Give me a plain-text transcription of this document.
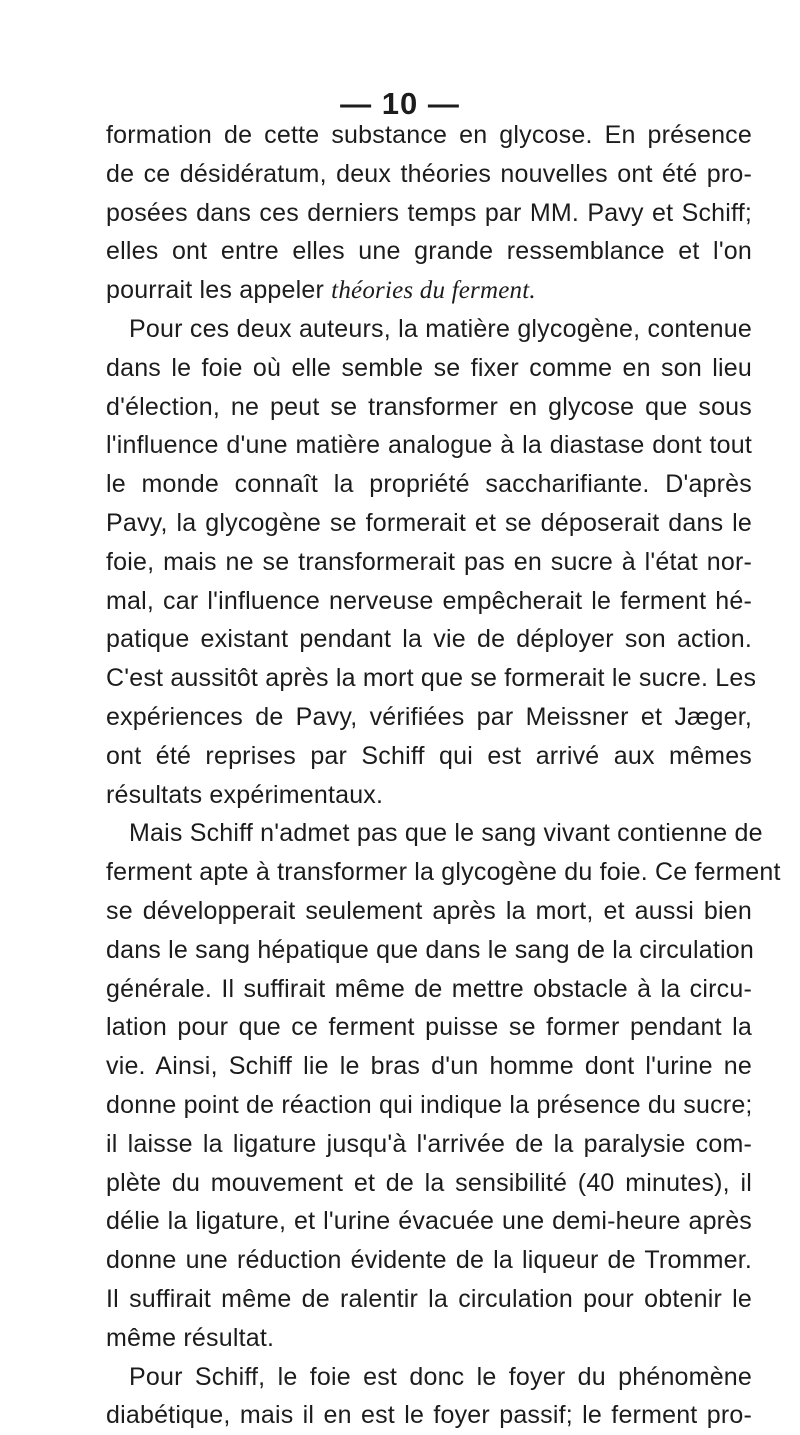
— 10 —
formation de cette substance en glycose. En présence
de ce désidératum, deux théories nouvelles ont été pro-
posées dans ces derniers temps par MM. Pavy et Schiff;
elles ont entre elles une grande ressemblance et l'on
pourrait les appeler théories du ferment.
Pour ces deux auteurs, la matière glycogène, contenue
dans le foie où elle semble se fixer comme en son lieu
d'élection, ne peut se transformer en glycose que sous
l'influence d'une matière analogue à la diastase dont tout
le monde connaît la propriété saccharifiante. D'après
Pavy, la glycogène se formerait et se déposerait dans le
foie, mais ne se transformerait pas en sucre à l'état nor-
mal, car l'influence nerveuse empêcherait le ferment hé-
patique existant pendant la vie de déployer son action.
C'est aussitôt après la mort que se formerait le sucre. Les
expériences de Pavy, vérifiées par Meissner et Jæger,
ont été reprises par Schiff qui est arrivé aux mêmes
résultats expérimentaux.
Mais Schiff n'admet pas que le sang vivant contienne de
ferment apte à transformer la glycogène du foie. Ce ferment
se développerait seulement après la mort, et aussi bien
dans le sang hépatique que dans le sang de la circulation
générale. Il suffirait même de mettre obstacle à la circu-
lation pour que ce ferment puisse se former pendant la
vie. Ainsi, Schiff lie le bras d'un homme dont l'urine ne
donne point de réaction qui indique la présence du sucre;
il laisse la ligature jusqu'à l'arrivée de la paralysie com-
plète du mouvement et de la sensibilité (40 minutes), il
délie la ligature, et l'urine évacuée une demi-heure après
donne une réduction évidente de la liqueur de Trommer.
Il suffirait même de ralentir la circulation pour obtenir le
même résultat.
Pour Schiff, le foie est donc le foyer du phénomène
diabétique, mais il en est le foyer passif; le ferment pro-
